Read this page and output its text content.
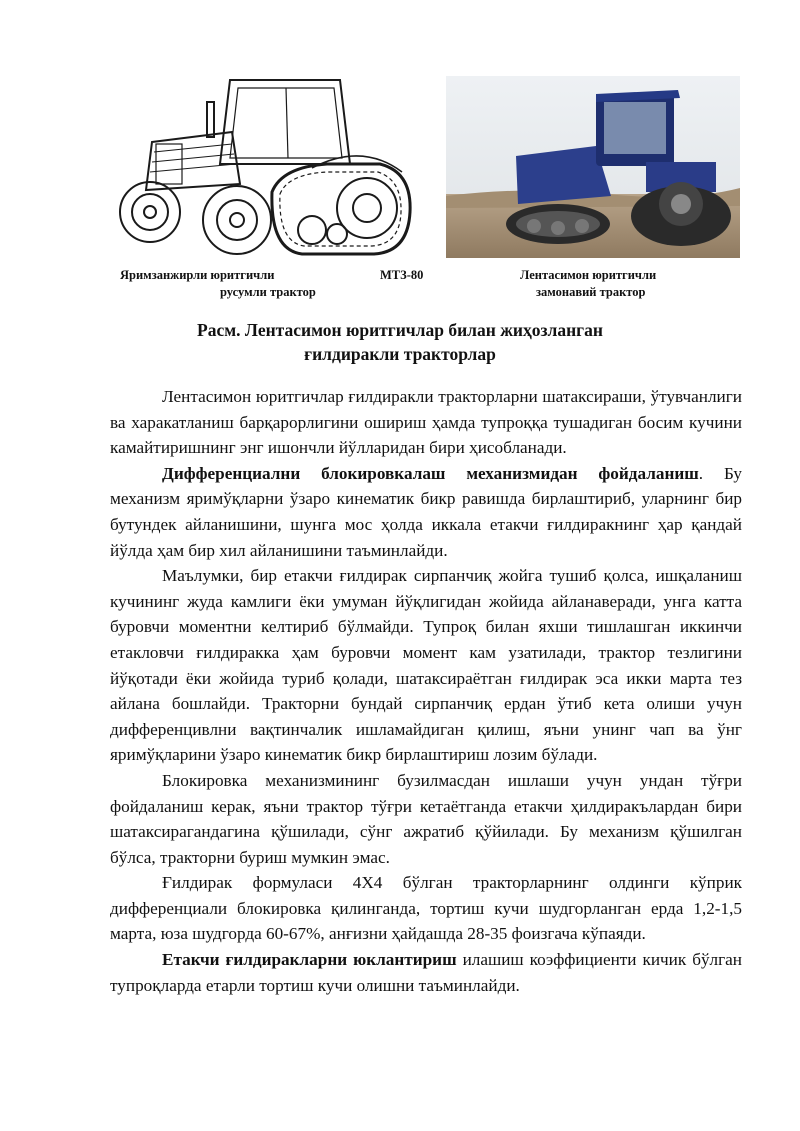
Яримзанжирли юритгичли
русумли трактор
МТЗ-80	Лентасимон юритгичли
замонавий трактор
Расм. Лентасимон юритгичлар билан жиҳозланган
ғилдиракли тракторлар

Лентасимон юритгичлар ғилдиракли тракторларни шатаксираши, ўтувчанлиги ва харакатланиш барқарорлигини ошириш ҳамда тупроққа тушадиган босим кучини камайтиришнинг энг ишончли йўлларидан бири ҳисобланади.

Дифференциални блокировкалаш механизмидан фойдаланиш. Бу механизм яримўқларни ўзаро кинематик бикр равишда бирлаштириб, уларнинг бир бутундек айланишини, шунга мос ҳолда иккала етакчи ғилдиракнинг ҳар қандай йўлда ҳам бир хил айланишини таъминлайди.

Маълумки, бир етакчи ғилдирак сирпанчиқ жойга тушиб қолса, ишқаланиш кучининг жуда камлиги ёки умуман йўқлигидан жойида айланаверади, унга катта буровчи моментни келтириб бўлмайди. Тупроқ билан яхши тишлашган иккинчи етакловчи ғилдиракка ҳам буровчи момент кам узатилади, трактор тезлигини йўқотади ёки жойида туриб қолади, шатаксираётган ғилдирак эса икки марта тез айлана бошлайди. Тракторни бундай сирпанчиқ ердан ўтиб кета олиши учун дифференцивлни вақтинчалик ишламайдиган қилиш, яъни унинг чап ва ўнг яримўқларини ўзаро кинематик бикр бирлаштириш лозим бўлади.

Блокировка механизмининг бузилмасдан ишлаши учун ундан тўғри фойдаланиш керак, яъни трактор тўғри кетаётганда етакчи ҳилдиракълардан бири шатаксирагандагина қўшилади, сўнг ажратиб қўйилади. Бу механизм қўшилган бўлса, тракторни буриш мумкин эмас.

Ғилдирак формуласи 4Х4 бўлган тракторларнинг олдинги кўприк дифференциали блокировка қилинганда, тортиш кучи шудгорланган ерда 1,2-1,5 марта, юза шудгорда 60-67%, анғизни ҳайдашда 28-35 фоизгача кўпаяди.

Етакчи ғилдиракларни юклантириш илашиш коэффициенти кичик бўлган тупроқларда етарли тортиш кучи олишни таъминлайди.
